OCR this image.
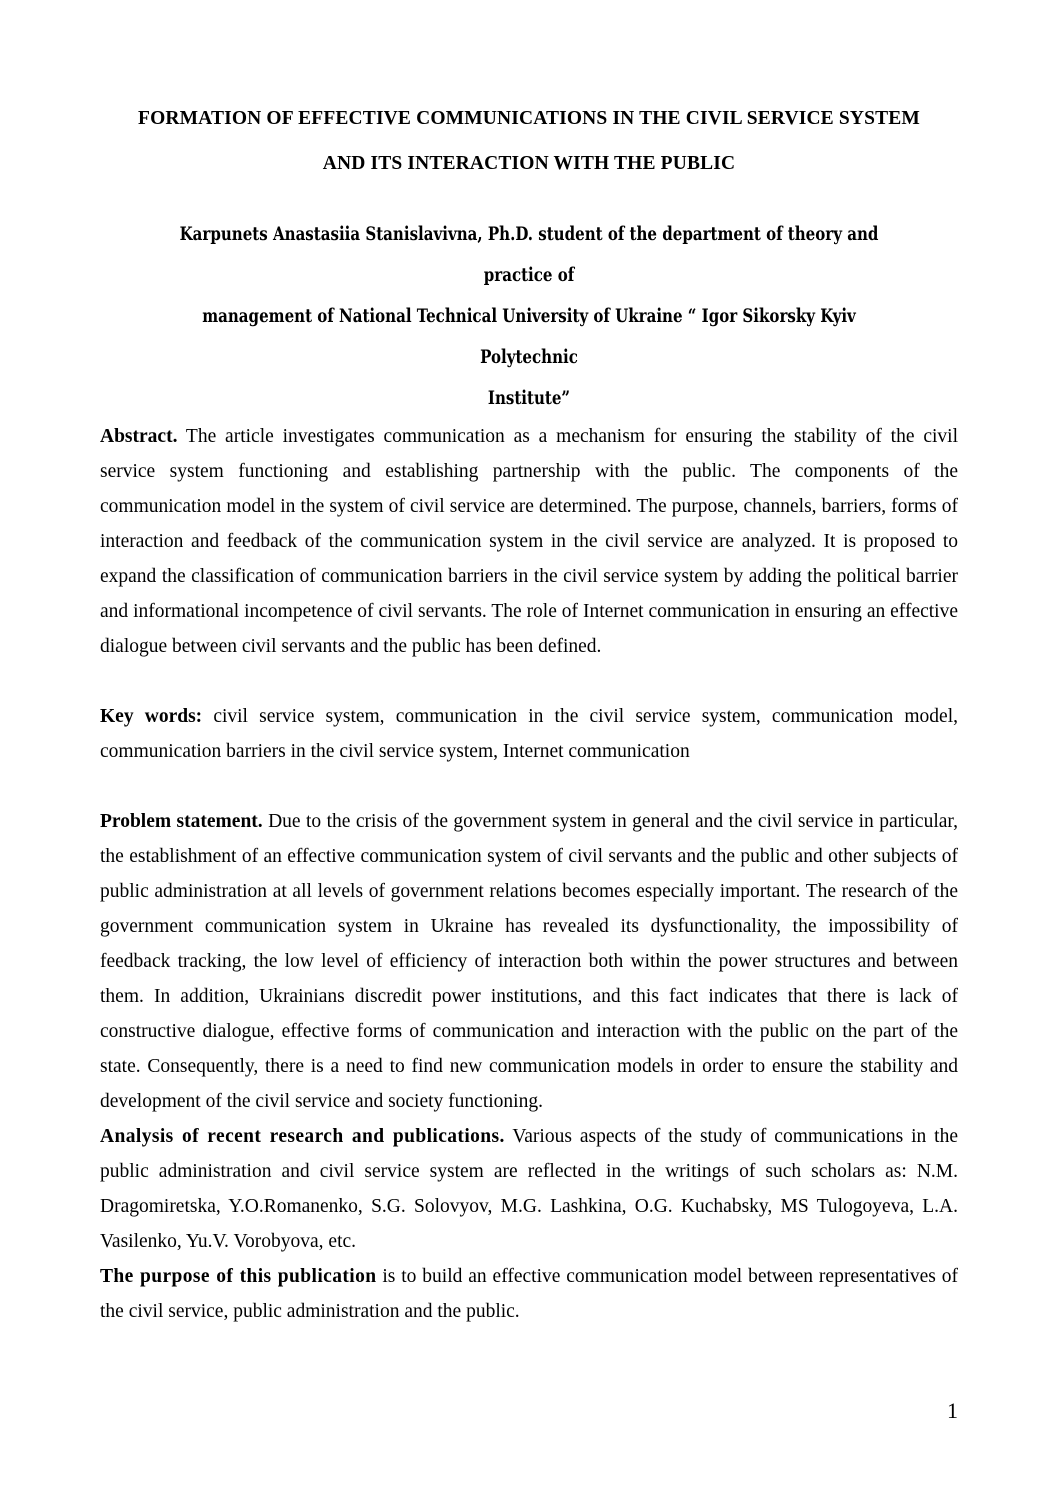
FORMATION OF EFFECTIVE COMMUNICATIONS IN THE CIVIL SERVICE SYSTEM
AND ITS INTERACTION WITH THE PUBLIC
Karpunets Anastasiia Stanislavivna, Ph.D. student of the department of theory and practice of
management of National Technical University of Ukraine “ Igor Sikorsky Kyiv Polytechnic
Institute”

Abstract. The article investigates communication as a mechanism for ensuring the stability of the civil service system functioning and establishing partnership with the public. The components of the communication model in the system of civil service are determined. The purpose, channels, barriers, forms of interaction and feedback of the communication system in the civil service are analyzed. It is proposed to expand the classification of communication barriers in the civil service system by adding the political barrier and informational incompetence of civil servants. The role of Internet communication in ensuring an effective dialogue between civil servants and the public has been defined.

Key words: civil service system, communication in the civil service system, communication model, communication barriers in the civil service system, Internet communication

Problem statement. Due to the crisis of the government system in general and the civil service in particular, the establishment of an effective communication system of civil servants and the public and other subjects of public administration at all levels of government relations becomes especially important. The research of the government communication system in Ukraine has revealed its dysfunctionality, the impossibility of feedback tracking, the low level of efficiency of interaction both within the power structures and between them. In addition, Ukrainians discredit power institutions, and this fact indicates that there is lack of constructive dialogue, effective forms of communication and interaction with the public on the part of the state. Consequently, there is a need to find new communication models in order to ensure the stability and development of the civil service and society functioning.

Analysis of recent research and publications. Various aspects of the study of communications in the public administration and civil service system are reflected in the writings of such scholars as: N.M. Dragomiretska, Y.O.Romanenko, S.G. Solovyov, M.G. Lashkina, O.G. Kuchabsky, MS Tulogoyeva, L.A. Vasilenko, Yu.V. Vorobyova, etc.

The purpose of this publication is to build an effective communication model between representatives of the civil service, public administration and the public.

1
